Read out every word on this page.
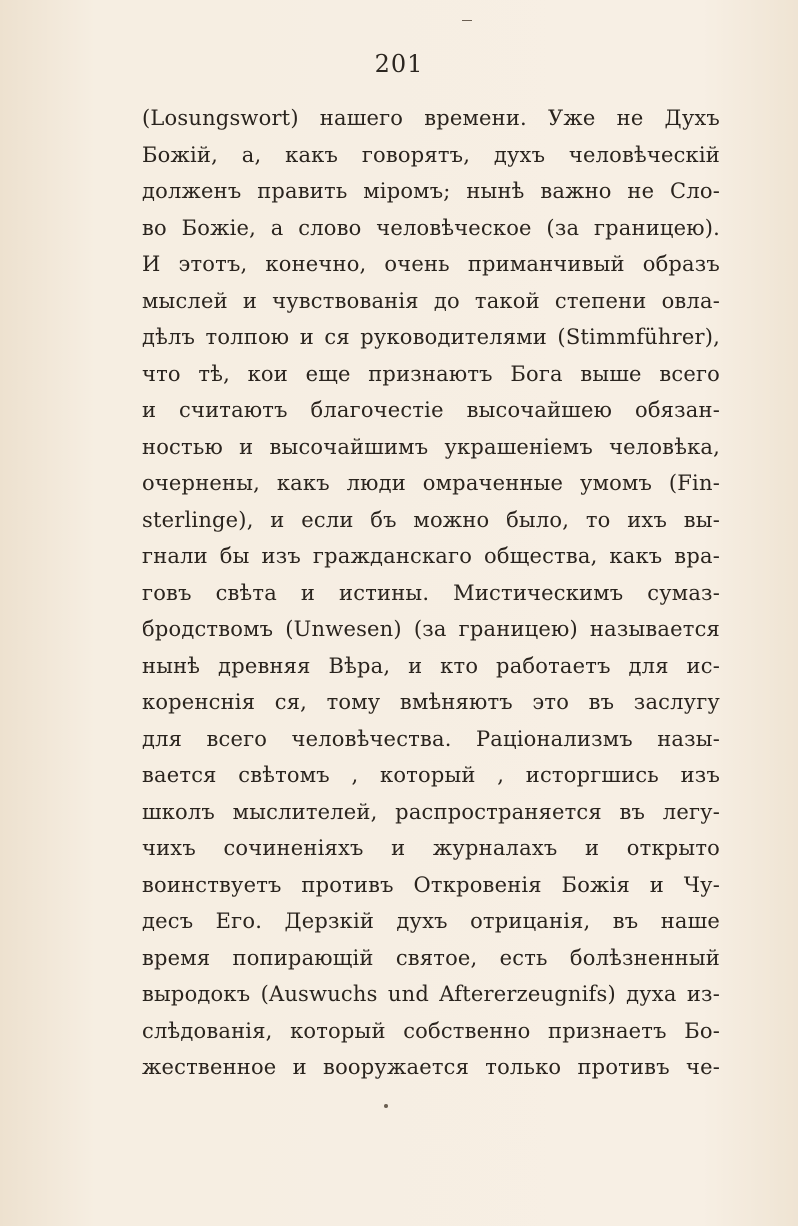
201
(Losungswort) нашего времени. Уже не Духъ
Божій, а, какъ говорятъ, духъ человѣческій
долженъ править міромъ; нынѣ важно не Сло-
во Божіе, а слово человѣческое (за границею).
И этотъ, конечно, очень приманчивый образъ
мыслей и чувствованія до такой степени овла-
дѣлъ толпою и ся руководителями (Stimmführer),
что тѣ, кои еще признаютъ Бога выше всего
и считаютъ благочестіе высочайшею обязан-
ностью и высочайшимъ украшеніемъ человѣка,
очернены, какъ люди омраченные умомъ (Fin-
sterlinge), и если бъ можно было, то ихъ вы-
гнали бы изъ гражданскаго общества, какъ вра-
говъ свѣта и истины. Мистическимъ сумаз-
бродствомъ (Unwesen) (за границею) называется
нынѣ древняя Вѣра, и кто работаетъ для ис-
коренснія ся, тому вмѣняютъ это въ заслугу
для всего человѣчества. Раціонализмъ назы-
вается свѣтомъ , который , исторгшись изъ
школъ мыслителей, распространяется въ легу-
чихъ сочиненіяхъ и журналахъ и открыто
воинствуетъ противъ Откровенія Божія и Чу-
десъ Его. Дерзкій духъ отрицанія, въ наше
время попирающій святое, есть болѣзненный
выродокъ (Auswuchs und Aftererzeugnifs) духа из-
слѣдованія, который собственно признаетъ Бо-
жественное и вооружается только противъ че-
